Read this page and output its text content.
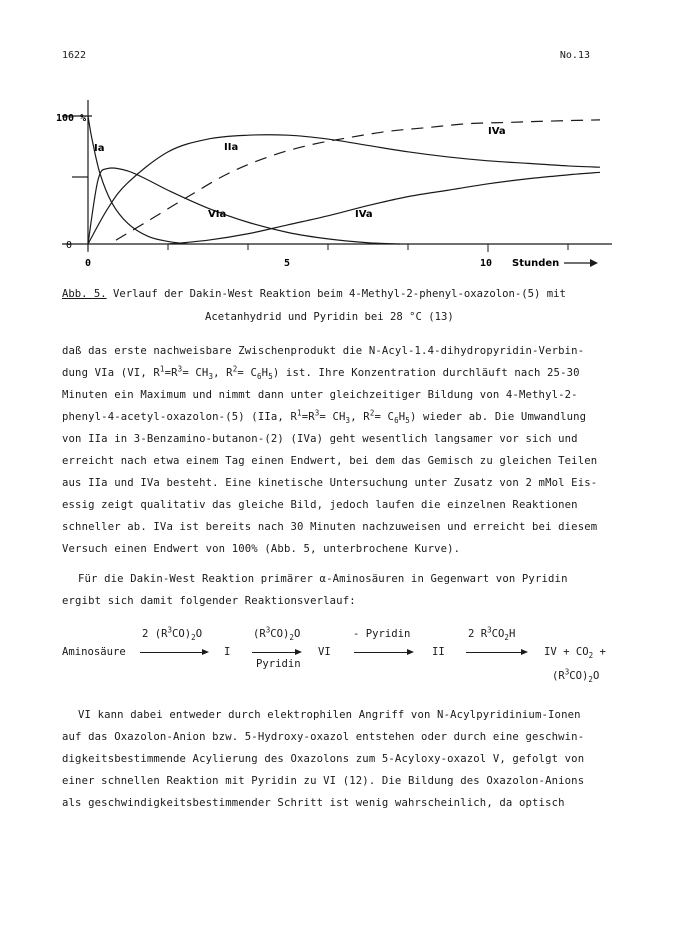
1622	No.13
100 %
0
0	5	10 Stunden
Ia	IIa
VIa	IVa
IVa
Abb. 5. Verlauf der Dakin-West Reaktion beim 4-Methyl-2-phenyl-oxazolon-(5) mit
Acetanhydrid und Pyridin bei 28 °C (13)
daß das erste nachweisbare Zwischenprodukt die N-Acyl-1.4-dihydropyridin-Verbin-
dung VIa (VI, $R^1=R^3= CH_3$, $R^2= C_6H_5$) ist. Ihre Konzentration durchläuft nach 25-30
Minuten ein Maximum und nimmt dann unter gleichzeitiger Bildung von 4-Methyl-2-
phenyl-4-acetyl-oxazolon-(5) (IIa, $R^1=R^3= CH_3$, $R^2= C_6H_5$) wieder ab. Die Umwandlung
von IIa in 3-Benzamino-butanon-(2) (IVa) geht wesentlich langsamer vor sich und
erreicht nach etwa einem Tag einen Endwert, bei dem das Gemisch zu gleichen Teilen
aus IIa und IVa besteht. Eine kinetische Untersuchung unter Zusatz von 2 mMol Eis-
essig zeigt qualitativ das gleiche Bild, jedoch laufen die einzelnen Reaktionen
schneller ab. IVa ist bereits nach 30 Minuten nachzuweisen und erreicht bei diesem
Versuch einen Endwert von 100% (Abb. 5, unterbrochene Kurve).
Für die Dakin-West Reaktion primärer α-Aminosäuren in Gegenwart von Pyridin
ergibt sich damit folgender Reaktionsverlauf:
Aminosäure
2 $(R^3CO)_2O$
I
$(R^3CO)_2O$
Pyridin
VI
- Pyridin
II
2 $R^3CO_2H$
IV + $CO_2$ +
$(R^3CO)_2O$
VI kann dabei entweder durch elektrophilen Angriff von N-Acylpyridinium-Ionen
auf das Oxazolon-Anion bzw. 5-Hydroxy-oxazol entstehen oder durch eine geschwin-
digkeitsbestimmende Acylierung des Oxazolons zum 5-Acyloxy-oxazol V, gefolgt von
einer schnellen Reaktion mit Pyridin zu VI (12). Die Bildung des Oxazolon-Anions
als geschwindigkeitsbestimmender Schritt ist wenig wahrscheinlich, da optisch
